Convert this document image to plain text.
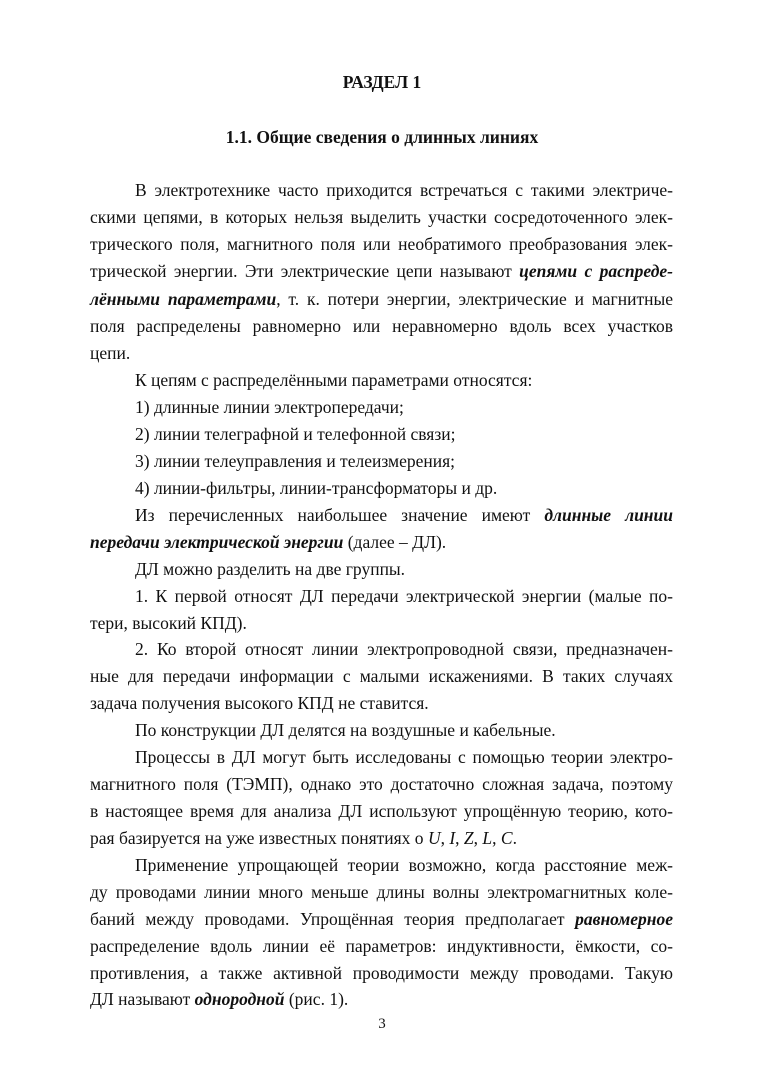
РАЗДЕЛ 1
1.1. Общие сведения о длинных линиях
В электротехнике часто приходится встречаться с такими электриче-
скими цепями, в которых нельзя выделить участки сосредоточенного элек-
трического поля, магнитного поля или необратимого преобразования элек-
трической энергии. Эти электрические цепи называют цепями с распреде-
лёнными параметрами, т. к. потери энергии, электрические и магнитные
поля распределены равномерно или неравномерно вдоль всех участков
цепи.
К цепям с распределёнными параметрами относятся:
1) длинные линии электропередачи;
2) линии телеграфной и телефонной связи;
3) линии телеуправления и телеизмерения;
4) линии-фильтры, линии-трансформаторы и др.
Из перечисленных наибольшее значение имеют длинные линии
передачи электрической энергии (далее – ДЛ).
ДЛ можно разделить на две группы.
1. К первой относят ДЛ передачи электрической энергии (малые по-
тери, высокий КПД).
2. Ко второй относят линии электропроводной связи, предназначен-
ные для передачи информации с малыми искажениями. В таких случаях
задача получения высокого КПД не ставится.
По конструкции ДЛ делятся на воздушные и кабельные.
Процессы в ДЛ могут быть исследованы с помощью теории электро-
магнитного поля (ТЭМП), однако это достаточно сложная задача, поэтому
в настоящее время для анализа ДЛ используют упрощённую теорию, кото-
рая базируется на уже известных понятиях о U, I, Z, L, C.
Применение упрощающей теории возможно, когда расстояние меж-
ду проводами линии много меньше длины волны электромагнитных коле-
баний между проводами. Упрощённая теория предполагает равномерное
распределение вдоль линии её параметров: индуктивности, ёмкости, со-
противления, а также активной проводимости между проводами. Такую
ДЛ называют однородной (рис. 1).
3
